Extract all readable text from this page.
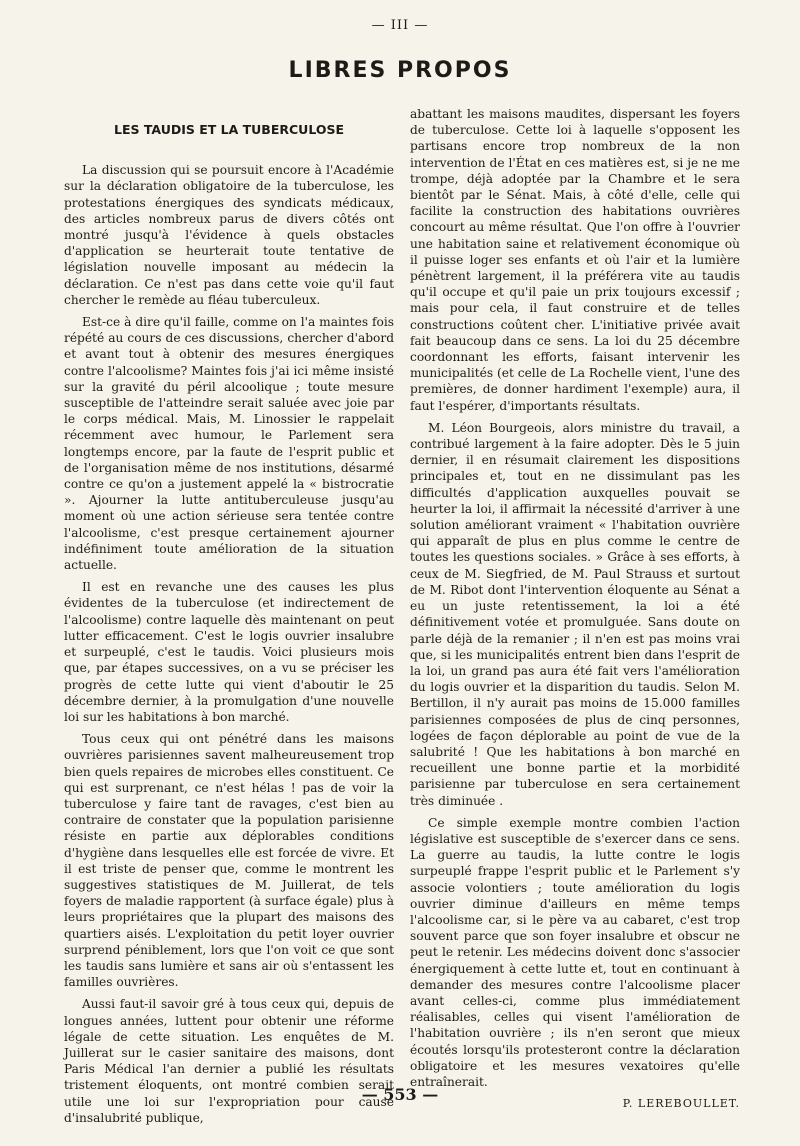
— III —
LIBRES PROPOS
LES TAUDIS ET LA TUBERCULOSE

La discussion qui se poursuit encore à l'Académie sur la déclaration obligatoire de la tuberculose, les protestations énergiques des syndicats médicaux, des articles nombreux parus de divers côtés ont montré jusqu'à l'évidence à quels obstacles d'application se heurterait toute tentative de législation nouvelle imposant au médecin la déclaration. Ce n'est pas dans cette voie qu'il faut chercher le remède au fléau tuberculeux.

Est-ce à dire qu'il faille, comme on l'a maintes fois répété au cours de ces discussions, chercher d'abord et avant tout à obtenir des mesures énergiques contre l'alcoolisme? Maintes fois j'ai ici même insisté sur la gravité du péril alcoolique ; toute mesure susceptible de l'atteindre serait saluée avec joie par le corps médical. Mais, M. Linossier le rappelait récemment avec humour, le Parlement sera longtemps encore, par la faute de l'esprit public et de l'organisation même de nos institutions, désarmé contre ce qu'on a justement appelé la « bistrocratie ». Ajourner la lutte antituberculeuse jusqu'au moment où une action sérieuse sera tentée contre l'alcoolisme, c'est presque certainement ajourner indéfiniment toute amélioration de la situation actuelle.

Il est en revanche une des causes les plus évidentes de la tuberculose (et indirectement de l'alcoolisme) contre laquelle dès maintenant on peut lutter efficacement. C'est le logis ouvrier insalubre et surpeuplé, c'est le taudis. Voici plusieurs mois que, par étapes successives, on a vu se préciser les progrès de cette lutte qui vient d'aboutir le 25 décembre dernier, à la promulgation d'une nouvelle loi sur les habitations à bon marché.

Tous ceux qui ont pénétré dans les maisons ouvrières parisiennes savent malheureusement trop bien quels repaires de microbes elles constituent. Ce qui est surprenant, ce n'est hélas ! pas de voir la tuberculose y faire tant de ravages, c'est bien au contraire de constater que la population parisienne résiste en partie aux déplorables conditions d'hygiène dans lesquelles elle est forcée de vivre. Et il est triste de penser que, comme le montrent les suggestives statistiques de M. Juillerat, de tels foyers de maladie rapportent (à surface égale) plus à leurs propriétaires que la plupart des maisons des quartiers aisés. L'exploitation du petit loyer ouvrier surprend péniblement, lors que l'on voit ce que sont les taudis sans lumière et sans air où s'entassent les familles ouvrières.

Aussi faut-il savoir gré à tous ceux qui, depuis de longues années, luttent pour obtenir une réforme légale de cette situation. Les enquêtes de M. Juillerat sur le casier sanitaire des maisons, dont Paris Médical l'an dernier a publié les résultats tristement éloquents, ont montré combien serait utile une loi sur l'expropriation pour cause d'insalubrité publique,

abattant les maisons maudites, dispersant les foyers de tuberculose. Cette loi à laquelle s'opposent les partisans encore trop nombreux de la non intervention de l'État en ces matières est, si je ne me trompe, déjà adoptée par la Chambre et le sera bientôt par le Sénat. Mais, à côté d'elle, celle qui facilite la construction des habitations ouvrières concourt au même résultat. Que l'on offre à l'ouvrier une habitation saine et relativement économique où il puisse loger ses enfants et où l'air et la lumière pénètrent largement, il la préférera vite au taudis qu'il occupe et qu'il paie un prix toujours excessif ; mais pour cela, il faut construire et de telles constructions coûtent cher. L'initiative privée avait fait beaucoup dans ce sens. La loi du 25 décembre coordonnant les efforts, faisant intervenir les municipalités (et celle de La Rochelle vient, l'une des premières, de donner hardiment l'exemple) aura, il faut l'espérer, d'importants résultats.

M. Léon Bourgeois, alors ministre du travail, a contribué largement à la faire adopter. Dès le 5 juin dernier, il en résumait clairement les dispositions principales et, tout en ne dissimulant pas les difficultés d'application auxquelles pouvait se heurter la loi, il affirmait la nécessité d'arriver à une solution améliorant vraiment « l'habitation ouvrière qui apparaît de plus en plus comme le centre de toutes les questions sociales. » Grâce à ses efforts, à ceux de M. Siegfried, de M. Paul Strauss et surtout de M. Ribot dont l'intervention éloquente au Sénat a eu un juste retentissement, la loi a été définitivement votée et promulguée. Sans doute on parle déjà de la remanier ; il n'en est pas moins vrai que, si les municipalités entrent bien dans l'esprit de la loi, un grand pas aura été fait vers l'amélioration du logis ouvrier et la disparition du taudis. Selon M. Bertillon, il n'y aurait pas moins de 15.000 familles parisiennes composées de plus de cinq personnes, logées de façon déplorable au point de vue de la salubrité ! Que les habitations à bon marché en recueillent une bonne partie et la morbidité parisienne par tuberculose en sera certainement très diminuée .

Ce simple exemple montre combien l'action législative est susceptible de s'exercer dans ce sens. La guerre au taudis, la lutte contre le logis surpeuplé frappe l'esprit public et le Parlement s'y associe volontiers ; toute amélioration du logis ouvrier diminue d'ailleurs en même temps l'alcoolisme car, si le père va au cabaret, c'est trop souvent parce que son foyer insalubre et obscur ne peut le retenir. Les médecins doivent donc s'associer énergiquement à cette lutte et, tout en continuant à demander des mesures contre l'alcoolisme placer avant celles-ci, comme plus immédiatement réalisables, celles qui visent l'amélioration de l'habitation ouvrière ; ils n'en seront que mieux écoutés lorsqu'ils protesteront contre la déclaration obligatoire et les mesures vexatoires qu'elle entraînerait.

P. LEREBOULLET.
— 553 —
